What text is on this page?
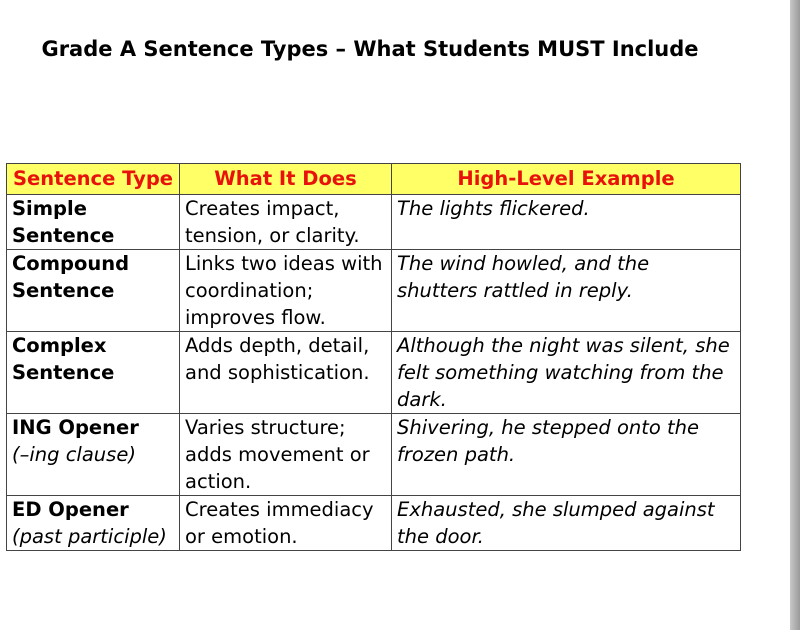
Grade A Sentence Types – What Students MUST Include
Sentence Type	What It Does	High-Level Example

Simple Sentence	Creates impact, tension, or clarity.	The lights flickered.

Compound Sentence	Links two ideas with coordination; improves flow.	The wind howled, and the shutters rattled in reply.

Complex Sentence	Adds depth, detail, and sophistication.	Although the night was silent, she felt something watching from the dark.

ING Opener
(–ing clause)	Varies structure; adds movement or action.	Shivering, he stepped onto the frozen path.

ED Opener
(past participle)	Creates immediacy or emotion.	Exhausted, she slumped against the door.
